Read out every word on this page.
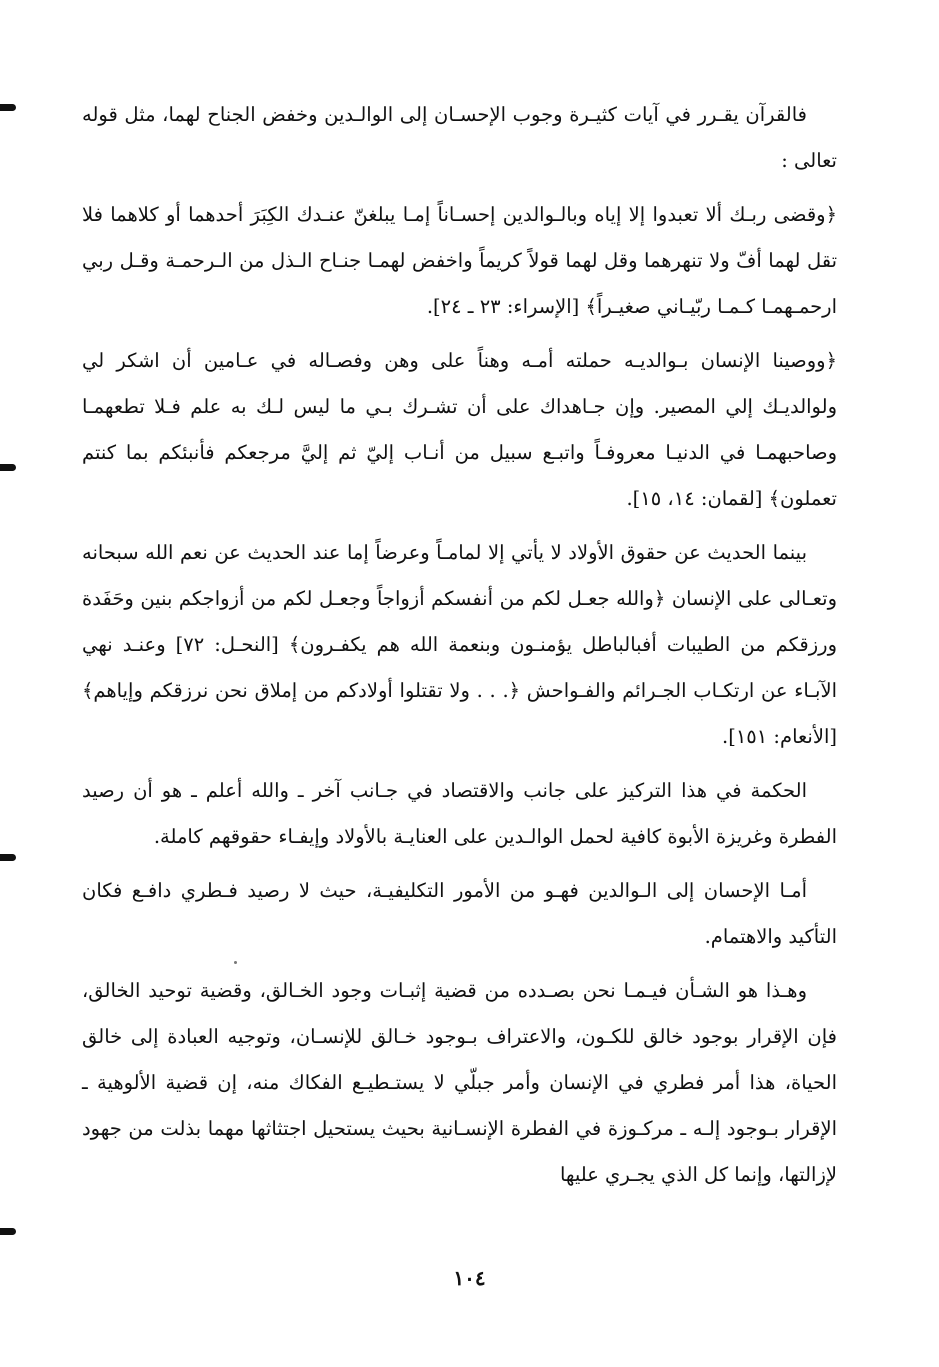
فالقرآن يقـرر في آيات كثيـرة وجوب الإحسـان إلى الوالـدين وخفض الجناح لهما، مثل قوله تعالى :

﴿وقضى ربـك ألا تعبدوا إلا إياه وبالـوالدين إحسـاناً إمـا يبلغنّ عنـدك الكِبَرَ أحدهما أو كلاهما فلا تقل لهما أفّ ولا تنهرهما وقل لهما قولاً كريماً واخفض لهمـا جنـاح الـذل من الـرحمـة وقـل ربي ارحمـهمـا كـمـا ربّيـاني صغيـراً﴾ [الإسراء: ٢٣ ـ ٢٤].

﴿ووصينا الإنسان بـوالديـه حملته أمـه وهناً على وهن وفصـاله في عـامين أن اشكر لي ولوالديـك إلي المصير. وإن جـاهداك على أن تشـرك بـي ما ليس لـك به علم فـلا تطعهمـا وصاحبهمـا في الدنيـا معروفـاً واتبـع سبيل من أنـاب إليّ ثم إليَّ مرجعكم فأنبئكم بما كنتم تعملون﴾ [لقمان: ١٤، ١٥].

بينما الحديث عن حقوق الأولاد لا يأتي إلا لمامـاً وعرضاً إما عند الحديث عن نعم الله سبحانه وتعـالى على الإنسان ﴿والله جعـل لكم من أنفسكم أزواجاً وجعـل لكم من أزواجكم بنين وحَفَدة ورزقكم من الطيبات أفبالباطل يؤمنـون وبنعمة الله هم يكفـرون﴾ [النحـل: ٧٢] وعنـد نهي الآبـاء عن ارتكـاب الجـرائم والفـواحش ﴿. . . ولا تقتلوا أولادكم من إملاق نحن نرزقكم وإياهم﴾ [الأنعام: ١٥١].

الحكمة في هذا التركيز على جانب والاقتصاد في جـانب آخر ـ والله أعلم ـ هو أن رصيد الفطرة وغريزة الأبوة كافية لحمل الوالـدين على العنايـة بالأولاد وإيفـاء حقوقهم كاملة.

أمـا الإحسان إلى الـوالدين فهـو من الأمور التكليفيـة، حيث لا رصيد فـطري دافـع فكان التأكيد والاهتمام.

وهـذا هو الشـأن فيـمـا نحن بصـدده من قضية إثبـات وجود الخـالق، وقضية توحيد الخالق، فإن الإقرار بوجود خالق للكـون، والاعتراف بـوجود خـالق للإنسـان، وتوجيه العبادة إلى خالق الحياة، هذا أمر فطري في الإنسان وأمر جبلّي لا يستـطيـع الفكاك منه، إن قضية الألوهية ـ الإقرار بـوجود إلـه ـ مركـوزة في الفطرة الإنسـانية بحيث يستحيل اجتثاثها مهما بذلت من جهود لإزالتها، وإنما كل الذي يجـري عليها

١٠٤
